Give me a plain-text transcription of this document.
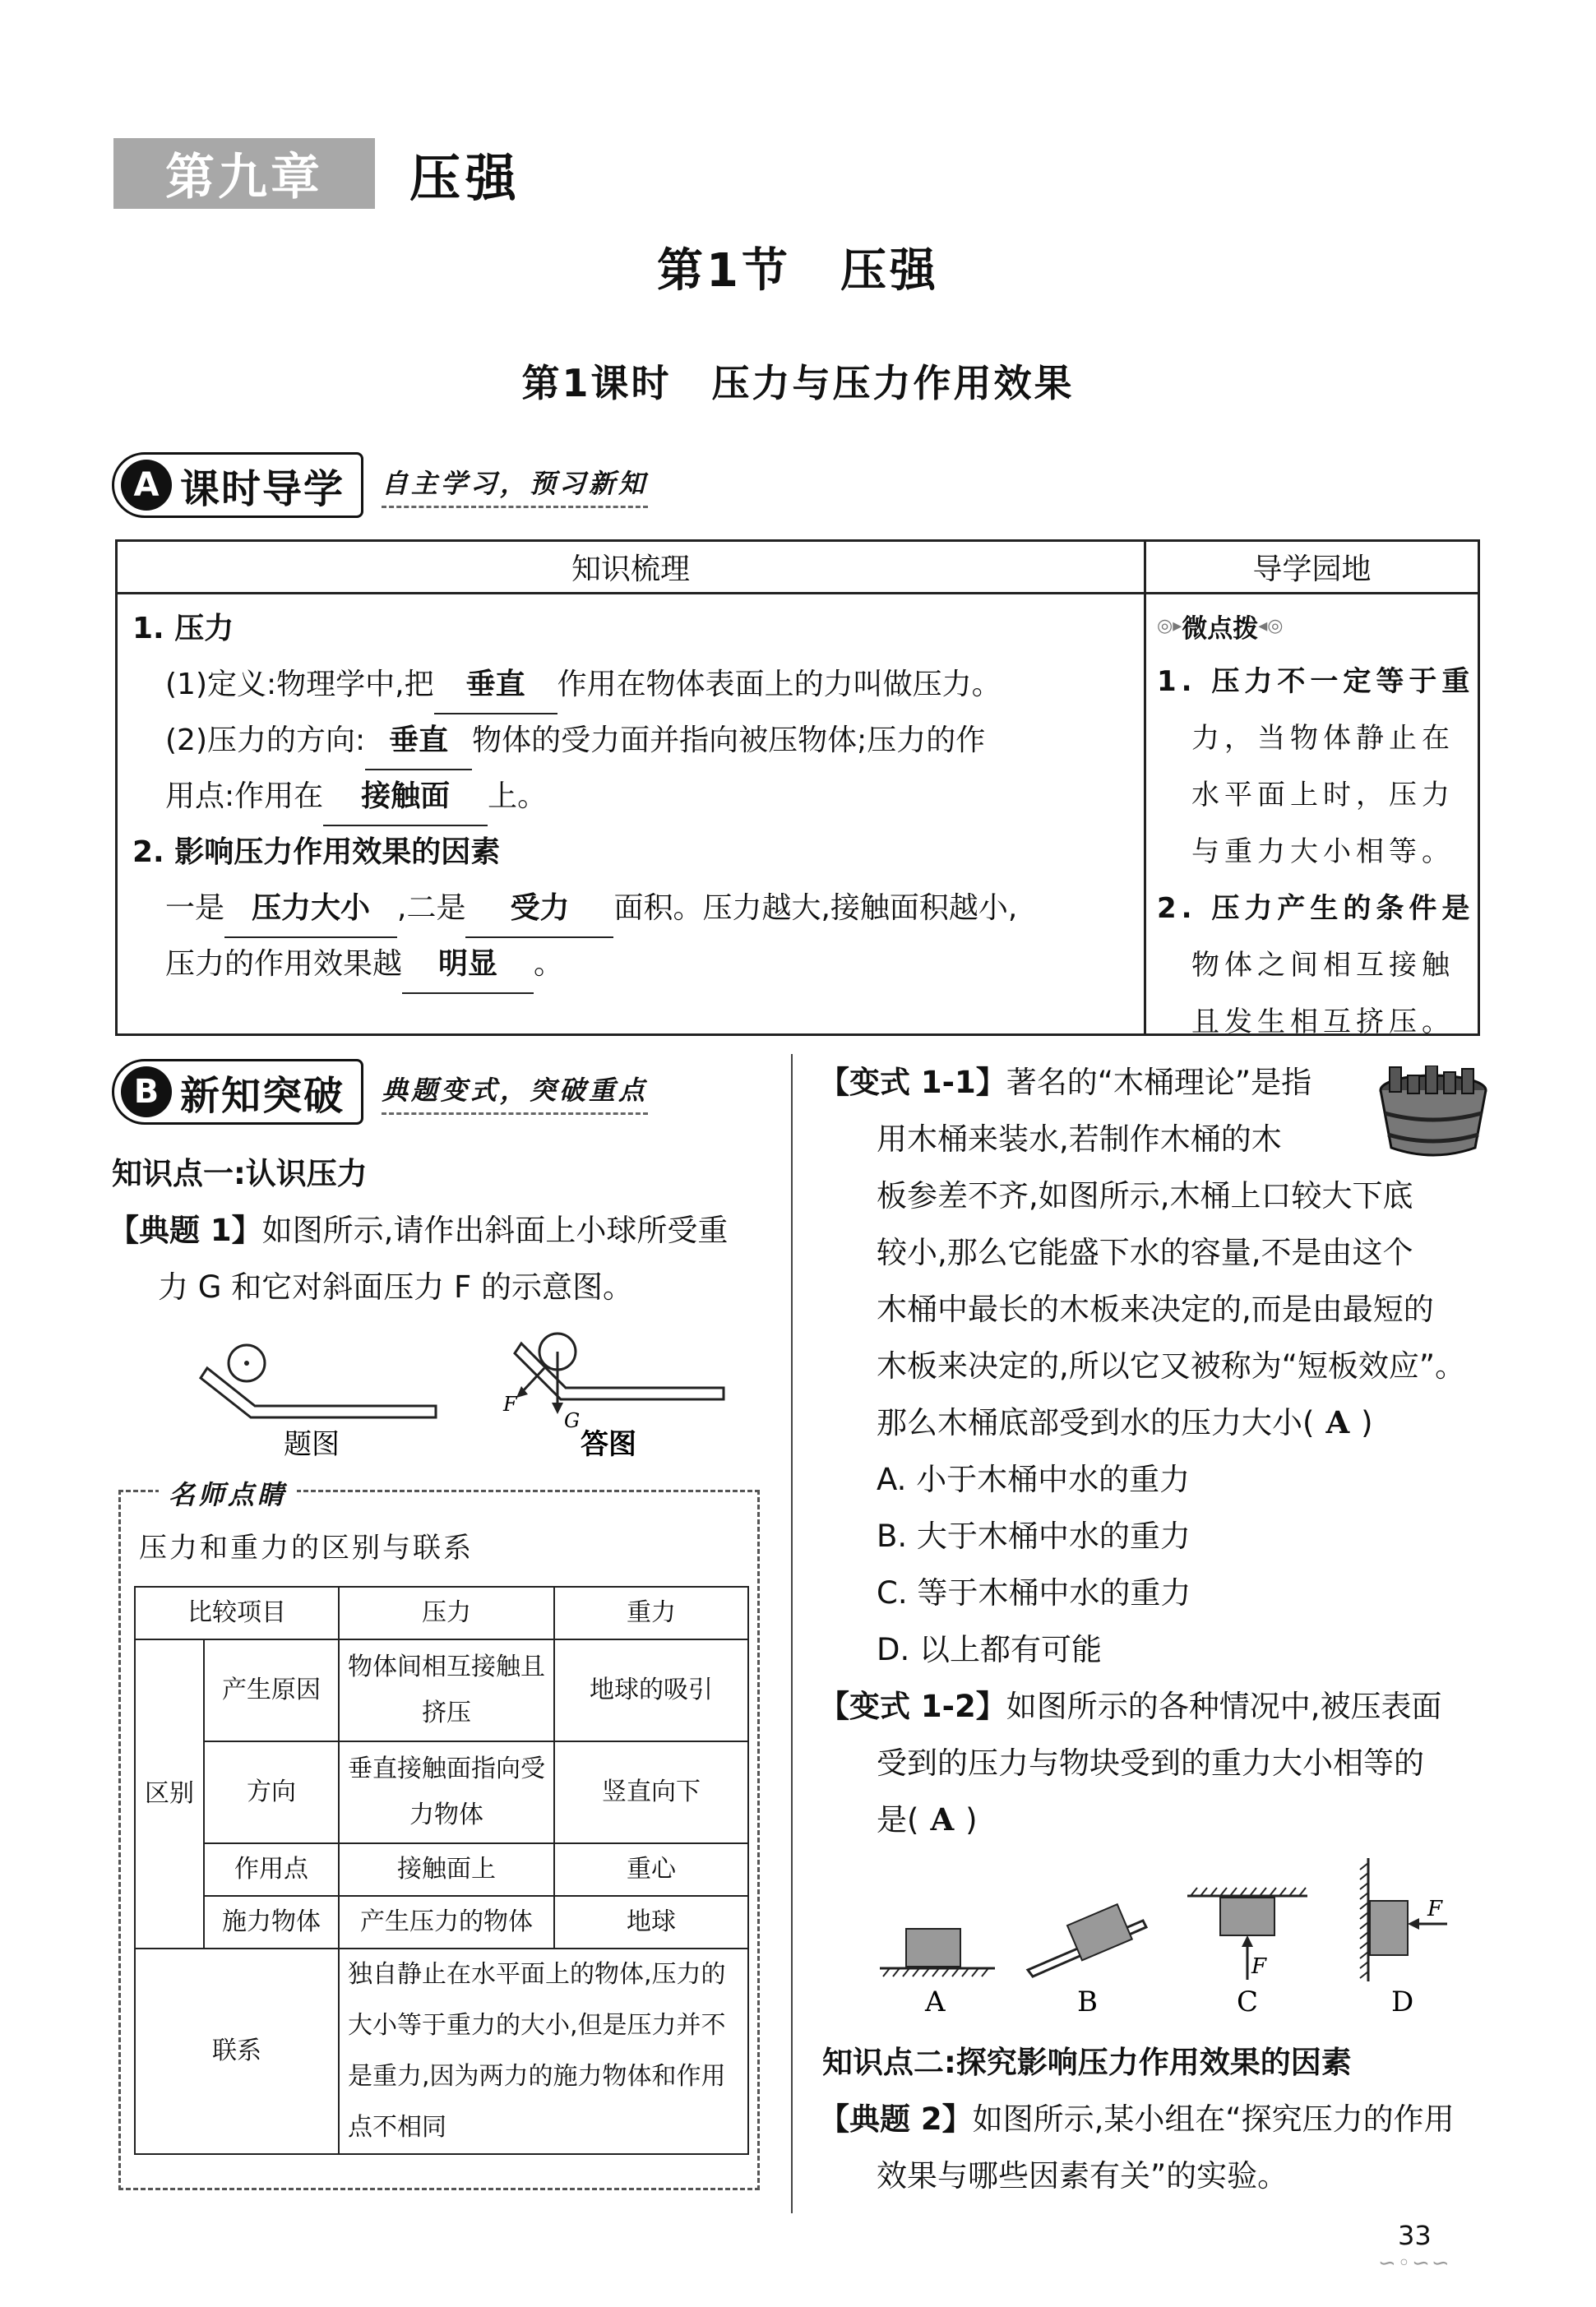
第九章	压强
第1节　压强
第1课时　压力与压力作用效果
A 课时导学 自主学习，预习新知
知识梳理	导学园地
1. 压力
(1)定义:物理学中,把 垂直 作用在物体表面上的力叫做压力。
(2)压力的方向: 垂直 物体的受力面并指向被压物体;压力的作
用点:作用在 接触面 上。
2. 影响压力作用效果的因素
一是 压力大小 ,二是 受力 面积。压力越大,接触面积越小,
压力的作用效果越 明显 。
◎▸ 微点拨 ◂◎
1. 压力不一定等于重
力，当物体静止在
水平面上时，压力
与重力大小相等。
2. 压力产生的条件是
物体之间相互接触
且发生相互挤压。
B 新知突破 典题变式，突破重点
知识点一:认识压力
【典题 1】如图所示,请作出斜面上小球所受重
力 G 和它对斜面压力 F 的示意图。
F
G
题图	答图
名师点睛
压力和重力的区别与联系
比较项目		压力	重力
区别	产生原因	物体间相互接触且挤压	地球的吸引
	方向	垂直接触面指向受力物体	竖直向下
	作用点	接触面上	重心
	施力物体	产生压力的物体	地球
联系		独自静止在水平面上的物体,压力的大小等于重力的大小,但是压力并不是重力,因为两力的施力物体和作用点不相同	
【变式 1-1】著名的“木桶理论”是指
用木桶来装水,若制作木桶的木
板参差不齐,如图所示,木桶上口较大下底
较小,那么它能盛下水的容量,不是由这个
木桶中最长的木板来决定的,而是由最短的
木板来决定的,所以它又被称为“短板效应”。
那么木桶底部受到水的压力大小( A )
A. 小于木桶中水的重力
B. 大于木桶中水的重力
C. 等于木桶中水的重力
D. 以上都有可能
【变式 1-2】如图所示的各种情况中,被压表面
受到的压力与物块受到的重力大小相等的
是( A )
A	B
F
C
F
D
知识点二:探究影响压力作用效果的因素
【典题 2】如图所示,某小组在“探究压力的作用
效果与哪些因素有关”的实验。
33
∽◦∽∽
